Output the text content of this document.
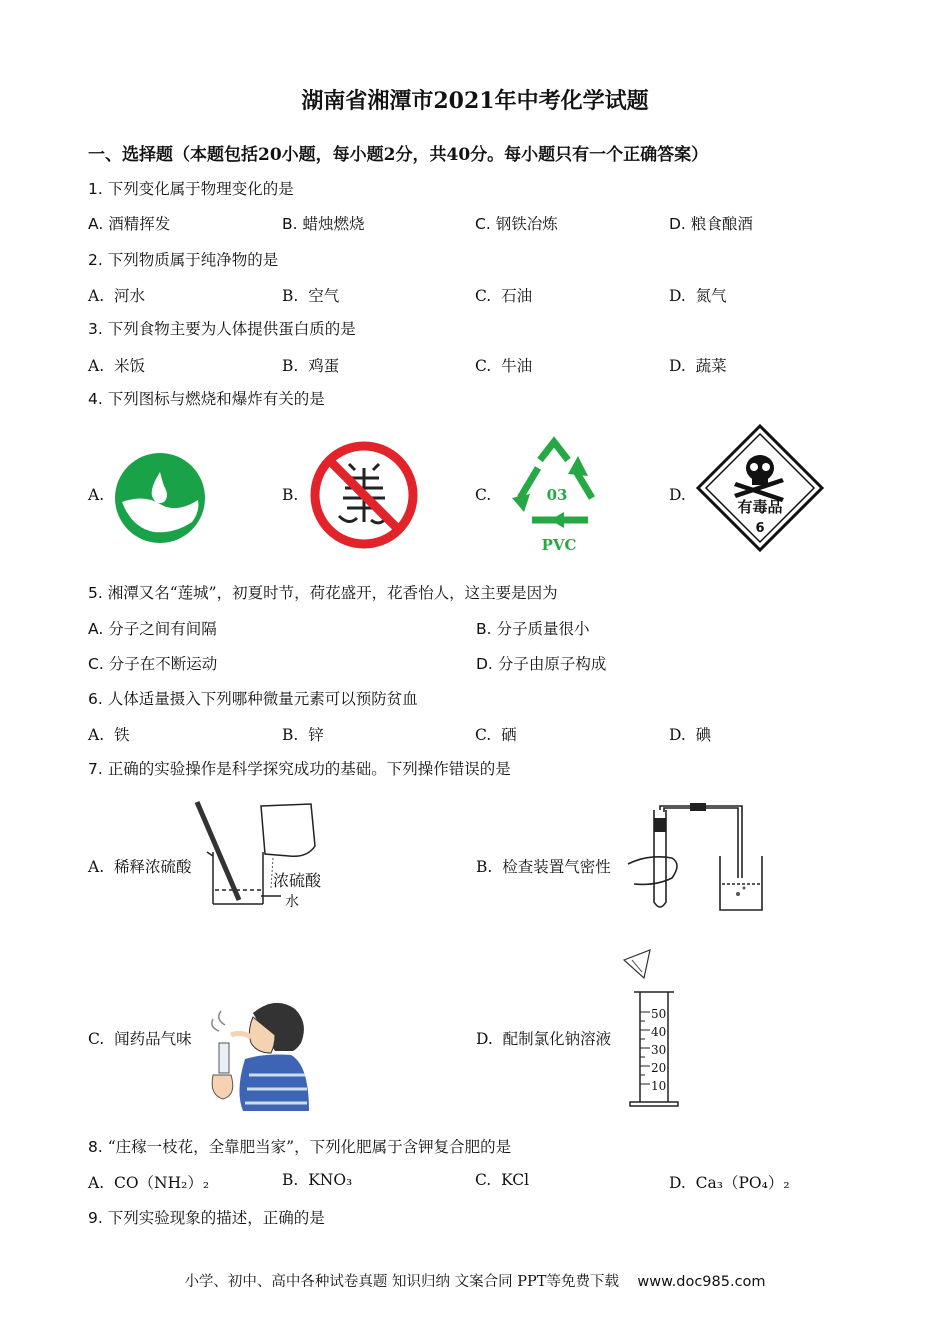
湖南省湘潭市2021年中考化学试题
一、选择题（本题包括20小题，每小题2分，共40分。每小题只有一个正确答案）
1. 下列变化属于物理变化的是
A. 酒精挥发	B. 蜡烛燃烧	C. 钢铁冶炼	D. 粮食酿酒
2. 下列物质属于纯净物的是
A. 河水	B. 空气	C. 石油	D. 氮气
3. 下列食物主要为人体提供蛋白质的是
A. 米饭	B. 鸡蛋	C. 牛油	D. 蔬菜
4. 下列图标与燃烧和爆炸有关的是
A.	B.	C.	D.
03
PVC
有毒品
6
5. 湘潭又名“莲城”，初夏时节，荷花盛开，花香怡人，这主要是因为
A. 分子之间有间隔	B. 分子质量很小
C. 分子在不断运动	D. 分子由原子构成
6. 人体适量摄入下列哪种微量元素可以预防贫血
A. 铁	B. 锌	C. 硒	D. 碘
7. 正确的实验操作是科学探究成功的基础。下列操作错误的是
A. 稀释浓硫酸	B. 检查装置气密性
C. 闻药品气味	D. 配制氯化钠溶液
浓硫酸
水
50
40
30
20
10
8. “庄稼一枝花，全靠肥当家”，下列化肥属于含钾复合肥的是
A. CO（NH₂）₂	B. KNO₃	C. KCl	D. Ca₃（PO₄）₂
9. 下列实验现象的描述，正确的是
小学、初中、高中各种试卷真题 知识归纳 文案合同 PPT等免费下载 www.doc985.com
